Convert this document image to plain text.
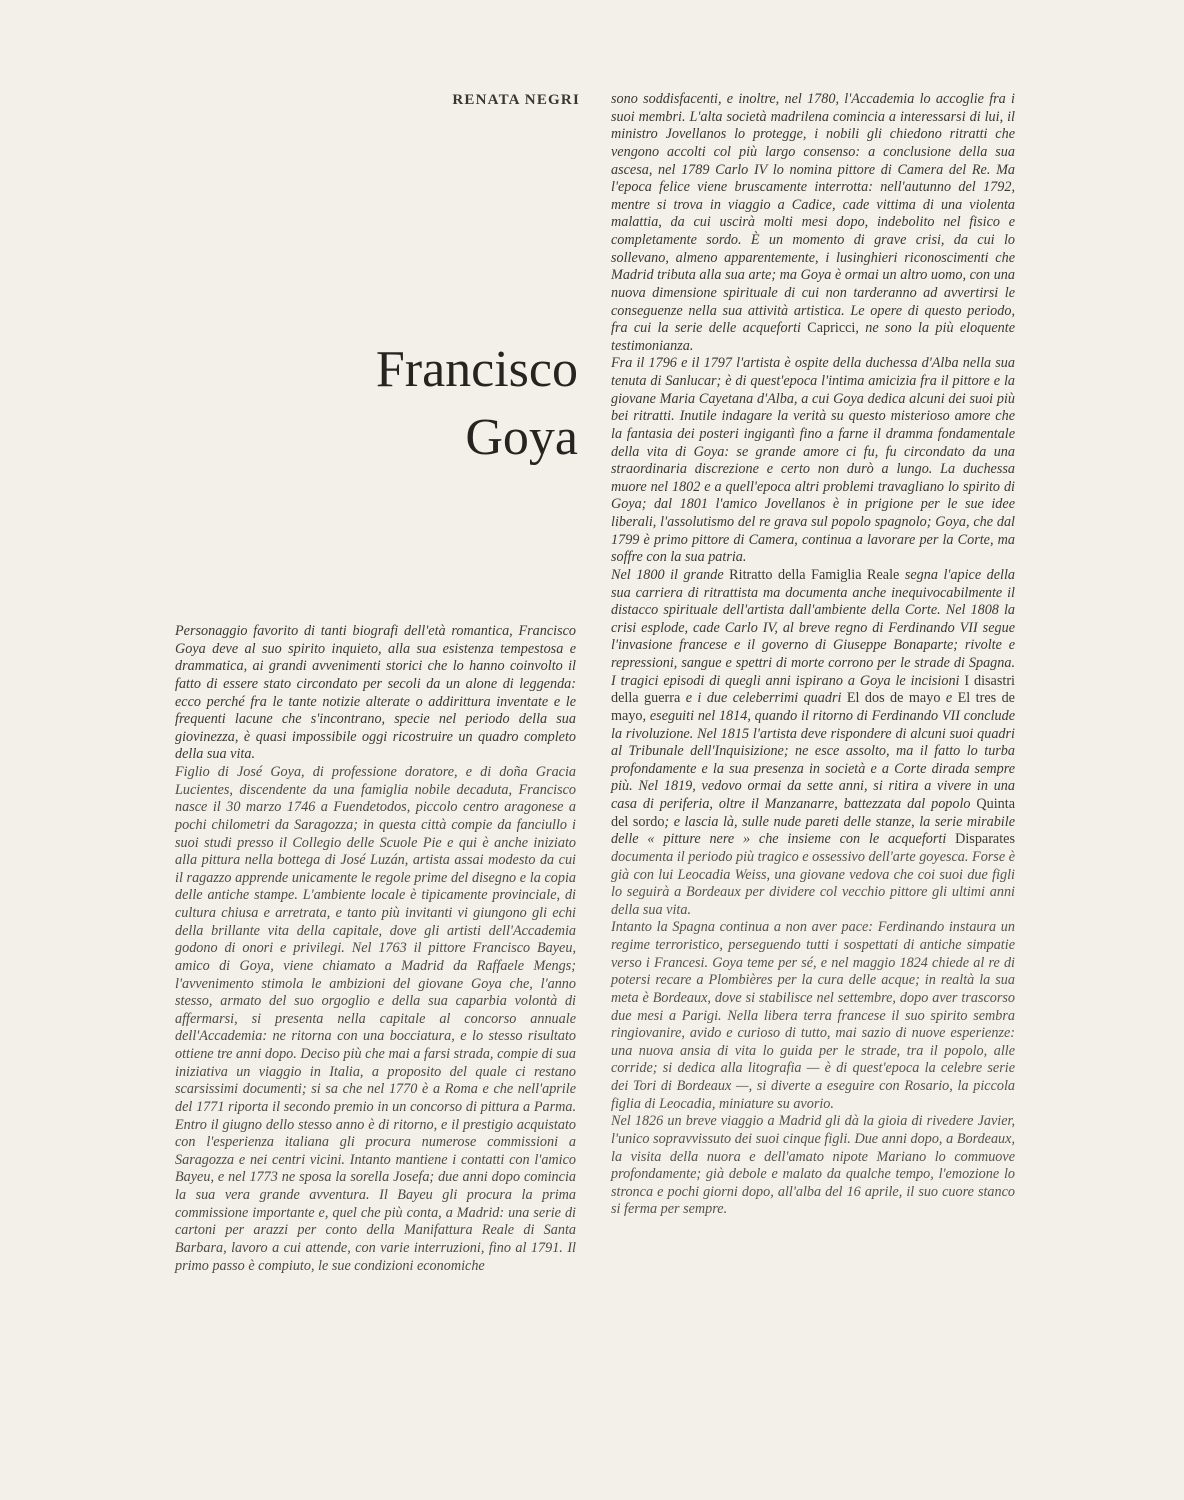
RENATA NEGRI
Francisco
Goya

Personaggio favorito di tanti biografi dell'età romantica, Francisco Goya deve al suo spirito inquieto, alla sua esistenza tempestosa e drammatica, ai grandi avvenimenti storici che lo hanno coinvolto il fatto di essere stato circondato per secoli da un alone di leggenda: ecco perché fra le tante notizie alterate o addirittura inventate e le frequenti lacune che s'incontrano, specie nel periodo della sua giovinezza, è quasi impossibile oggi ricostruire un quadro completo della sua vita.

Figlio di José Goya, di professione doratore, e di doña Gracia Lucientes, discendente da una famiglia nobile decaduta, Francisco nasce il 30 marzo 1746 a Fuendetodos, piccolo centro aragonese a pochi chilometri da Saragozza; in questa città compie da fanciullo i suoi studi presso il Collegio delle Scuole Pie e qui è anche iniziato alla pittura nella bottega di José Luzán, artista assai modesto da cui il ragazzo apprende unicamente le regole prime del disegno e la copia delle antiche stampe. L'ambiente locale è tipicamente provinciale, di cultura chiusa e arretrata, e tanto più invitanti vi giungono gli echi della brillante vita della capitale, dove gli artisti dell'Accademia godono di onori e privilegi. Nel 1763 il pittore Francisco Bayeu, amico di Goya, viene chiamato a Madrid da Raffaele Mengs; l'avvenimento stimola le ambizioni del giovane Goya che, l'anno stesso, armato del suo orgoglio e della sua caparbia volontà di affermarsi, si presenta nella capitale al concorso annuale dell'Accademia: ne ritorna con una bocciatura, e lo stesso risultato ottiene tre anni dopo. Deciso più che mai a farsi strada, compie di sua iniziativa un viaggio in Italia, a proposito del quale ci restano scarsissimi documenti; si sa che nel 1770 è a Roma e che nell'aprile del 1771 riporta il secondo premio in un concorso di pittura a Parma. Entro il giugno dello stesso anno è di ritorno, e il prestigio acquistato con l'esperienza italiana gli procura numerose commissioni a Saragozza e nei centri vicini. Intanto mantiene i contatti con l'amico Bayeu, e nel 1773 ne sposa la sorella Josefa; due anni dopo comincia la sua vera grande avventura. Il Bayeu gli procura la prima commissione importante e, quel che più conta, a Madrid: una serie di cartoni per arazzi per conto della Manifattura Reale di Santa Barbara, lavoro a cui attende, con varie interruzioni, fino al 1791. Il primo passo è compiuto, le sue condizioni economiche

sono soddisfacenti, e inoltre, nel 1780, l'Accademia lo accoglie fra i suoi membri. L'alta società madrilena comincia a interessarsi di lui, il ministro Jovellanos lo protegge, i nobili gli chiedono ritratti che vengono accolti col più largo consenso: a conclusione della sua ascesa, nel 1789 Carlo IV lo nomina pittore di Camera del Re. Ma l'epoca felice viene bruscamente interrotta: nell'autunno del 1792, mentre si trova in viaggio a Cadice, cade vittima di una violenta malattia, da cui uscirà molti mesi dopo, indebolito nel fisico e completamente sordo. È un momento di grave crisi, da cui lo sollevano, almeno apparentemente, i lusinghieri riconoscimenti che Madrid tributa alla sua arte; ma Goya è ormai un altro uomo, con una nuova dimensione spirituale di cui non tarderanno ad avvertirsi le conseguenze nella sua attività artistica. Le opere di questo periodo, fra cui la serie delle acqueforti Capricci, ne sono la più eloquente testimonianza.

Fra il 1796 e il 1797 l'artista è ospite della duchessa d'Alba nella sua tenuta di Sanlucar; è di quest'epoca l'intima amicizia fra il pittore e la giovane Maria Cayetana d'Alba, a cui Goya dedica alcuni dei suoi più bei ritratti. Inutile indagare la verità su questo misterioso amore che la fantasia dei posteri ingigantì fino a farne il dramma fondamentale della vita di Goya: se grande amore ci fu, fu circondato da una straordinaria discrezione e certo non durò a lungo. La duchessa muore nel 1802 e a quell'epoca altri problemi travagliano lo spirito di Goya; dal 1801 l'amico Jovellanos è in prigione per le sue idee liberali, l'assolutismo del re grava sul popolo spagnolo; Goya, che dal 1799 è primo pittore di Camera, continua a lavorare per la Corte, ma soffre con la sua patria.

Nel 1800 il grande Ritratto della Famiglia Reale segna l'apice della sua carriera di ritrattista ma documenta anche inequivocabilmente il distacco spirituale dell'artista dall'ambiente della Corte. Nel 1808 la crisi esplode, cade Carlo IV, al breve regno di Ferdinando VII segue l'invasione francese e il governo di Giuseppe Bonaparte; rivolte e repressioni, sangue e spettri di morte corrono per le strade di Spagna. I tragici episodi di quegli anni ispirano a Goya le incisioni I disastri della guerra e i due celeberrimi quadri El dos de mayo e El tres de mayo, eseguiti nel 1814, quando il ritorno di Ferdinando VII conclude la rivoluzione. Nel 1815 l'artista deve rispondere di alcuni suoi quadri al Tribunale dell'Inquisizione; ne esce assolto, ma il fatto lo turba profondamente e la sua presenza in società e a Corte dirada sempre più. Nel 1819, vedovo ormai da sette anni, si ritira a vivere in una casa di periferia, oltre il Manzanarre, battezzata dal popolo Quinta del sordo; e lascia là, sulle nude pareti delle stanze, la serie mirabile delle « pitture nere » che insieme con le acqueforti Disparates documenta il periodo più tragico e ossessivo dell'arte goyesca. Forse è già con lui Leocadia Weiss, una giovane vedova che coi suoi due figli lo seguirà a Bordeaux per dividere col vecchio pittore gli ultimi anni della sua vita.

Intanto la Spagna continua a non aver pace: Ferdinando instaura un regime terroristico, perseguendo tutti i sospettati di antiche simpatie verso i Francesi. Goya teme per sé, e nel maggio 1824 chiede al re di potersi recare a Plombières per la cura delle acque; in realtà la sua meta è Bordeaux, dove si stabilisce nel settembre, dopo aver trascorso due mesi a Parigi. Nella libera terra francese il suo spirito sembra ringiovanire, avido e curioso di tutto, mai sazio di nuove esperienze: una nuova ansia di vita lo guida per le strade, tra il popolo, alle corride; si dedica alla litografia — è di quest'epoca la celebre serie dei Tori di Bordeaux —, si diverte a eseguire con Rosario, la piccola figlia di Leocadia, miniature su avorio.

Nel 1826 un breve viaggio a Madrid gli dà la gioia di rivedere Javier, l'unico sopravvissuto dei suoi cinque figli. Due anni dopo, a Bordeaux, la visita della nuora e dell'amato nipote Mariano lo commuove profondamente; già debole e malato da qualche tempo, l'emozione lo stronca e pochi giorni dopo, all'alba del 16 aprile, il suo cuore stanco si ferma per sempre.
